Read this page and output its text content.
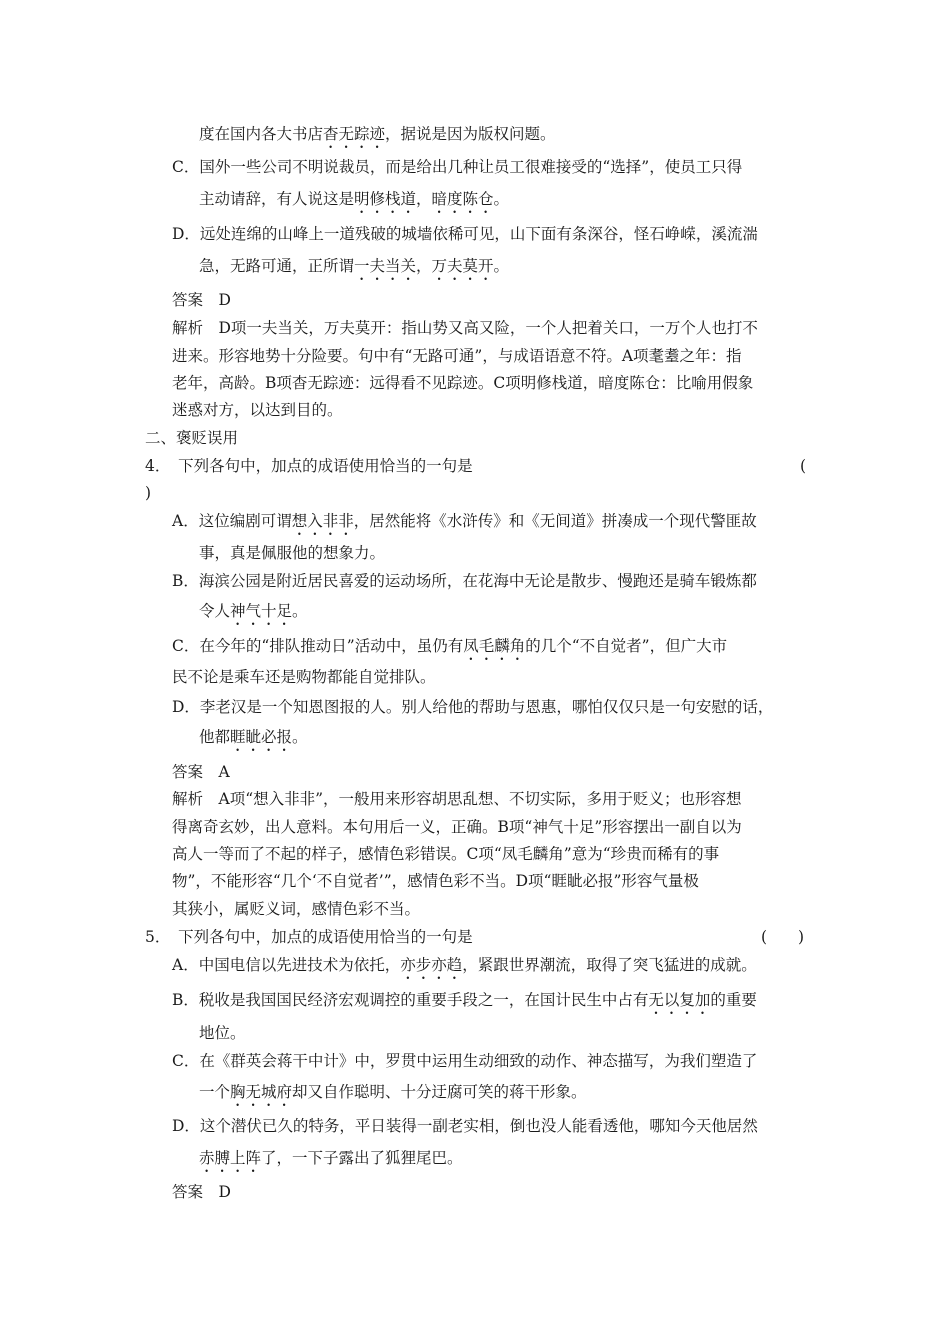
度在国内各大书店杳无踪迹，据说是因为版权问题。
C．国外一些公司不明说裁员，而是给出几种让员工很难接受的“选择”，使员工只得
主动请辞，有人说这是明修栈道，暗度陈仓。
D．远处连绵的山峰上一道残破的城墙依稀可见，山下面有条深谷，怪石峥嵘，溪流湍
急，无路可通，正所谓一夫当关，万夫莫开。
答案　D
解析　D项一夫当关，万夫莫开：指山势又高又险，一个人把着关口，一万个人也打不
进来。形容地势十分险要。句中有“无路可通”，与成语语意不符。A项耄耋之年：指
老年，高龄。B项杳无踪迹：远得看不见踪迹。C项明修栈道，暗度陈仓：比喻用假象
迷惑对方，以达到目的。
二、褒贬误用
4．　下列各句中，加点的成语使用恰当的一句是	(
)
A．这位编剧可谓想入非非，居然能将《水浒传》和《无间道》拼凑成一个现代警匪故
事，真是佩服他的想象力。
B．海滨公园是附近居民喜爱的运动场所，在花海中无论是散步、慢跑还是骑车锻炼都
令人神气十足。
C．在今年的“排队推动日”活动中，虽仍有凤毛麟角的几个“不自觉者”，但广大市
民不论是乘车还是购物都能自觉排队。
D．李老汉是一个知恩图报的人。别人给他的帮助与恩惠，哪怕仅仅只是一句安慰的话，
他都睚眦必报。
答案　A
解析　A项“想入非非”，一般用来形容胡思乱想、不切实际，多用于贬义；也形容想
得离奇玄妙，出人意料。本句用后一义，正确。B项“神气十足”形容摆出一副自以为
高人一等而了不起的样子，感情色彩错误。C项“凤毛麟角”意为“珍贵而稀有的事
物”，不能形容“几个‘不自觉者’”，感情色彩不当。D项“睚眦必报”形容气量极
其狭小，属贬义词，感情色彩不当。
5．　下列各句中，加点的成语使用恰当的一句是	(　　)
A．中国电信以先进技术为依托，亦步亦趋，紧跟世界潮流，取得了突飞猛进的成就。
B．税收是我国国民经济宏观调控的重要手段之一，在国计民生中占有无以复加的重要
地位。
C．在《群英会蒋干中计》中，罗贯中运用生动细致的动作、神态描写，为我们塑造了
一个胸无城府却又自作聪明、十分迂腐可笑的蒋干形象。
D．这个潜伏已久的特务，平日装得一副老实相，倒也没人能看透他，哪知今天他居然
赤膊上阵了，一下子露出了狐狸尾巴。
答案　D
